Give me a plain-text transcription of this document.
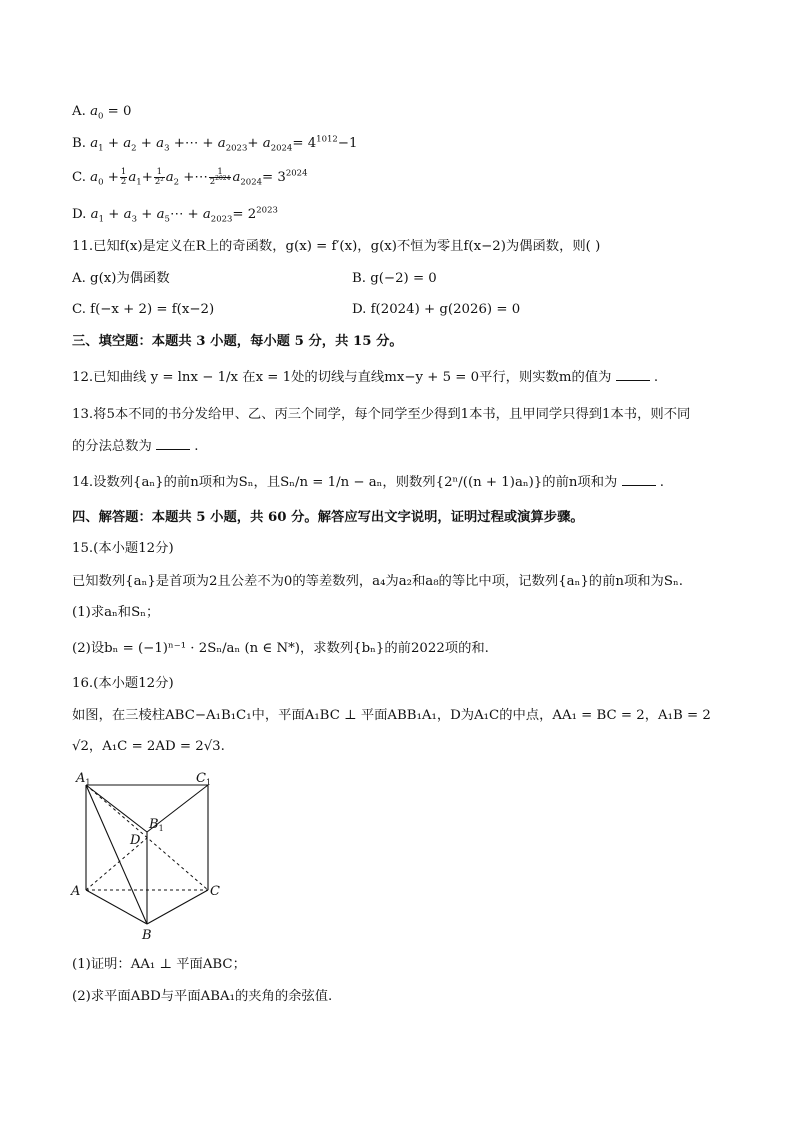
A. $a_0 = 0$
B. $a_1 + a_2 + a_3$ +⋯ + $a_{2023}+ a_{2024}= 4^{1012}-1$
C. $a_0 + \frac{1}{2} a_1+ \frac{1}{\text{2²}} a_2$ +⋯ $\frac{1}{2^{2024}} a_{2024}= 3^{2024}$
D. $a_1 + a_3$ + $a_5\cdots + a_{2023}= 2^{2023}$
11.已知f(x)是定义在R上的奇函数，g(x) = f′(x)，g(x)不恒为零且f(x−2)为偶函数，则( )
A. g(x)为偶函数	B. g(−2) = 0
C. f(−x + 2) = f(x−2)	D. f(2024) + g(2026) = 0
三、填空题：本题共 3 小题，每小题 5 分，共 15 分。
12.已知曲线 y = lnx − 1/x 在x = 1处的切线与直线mx−y + 5 = 0平行，则实数m的值为	.
13.将5本不同的书分发给甲、乙、丙三个同学，每个同学至少得到1本书，且甲同学只得到1本书，则不同
的分法总数为	.
14.设数列{aₙ}的前n项和为Sₙ，且Sₙ/n = 1/n − aₙ，则数列{2ⁿ/((n + 1)aₙ)}的前n项和为	.
四、解答题：本题共 5 小题，共 60 分。解答应写出文字说明，证明过程或演算步骤。
15.(本小题12分)
已知数列{aₙ}是首项为2且公差不为0的等差数列，a₄为a₂和a₈的等比中项，记数列{aₙ}的前n项和为Sₙ.
(1)求aₙ和Sₙ；
(2)设bₙ = (−1)ⁿ⁻¹ · 2Sₙ/aₙ (n ∈ N*)，求数列{bₙ}的前2022项的和.
16.(本小题12分)
如图，在三棱柱ABC−A₁B₁C₁中，平面A₁BC ⊥ 平面ABB₁A₁，D为A₁C的中点，AA₁ = BC = 2，A₁B = 2
√2，A₁C = 2AD = 2√3.
$A_1$	$C_1$
$B_1$
D
A	C
B
(1)证明：AA₁ ⊥ 平面ABC；
(2)求平面ABD与平面ABA₁的夹角的余弦值.
